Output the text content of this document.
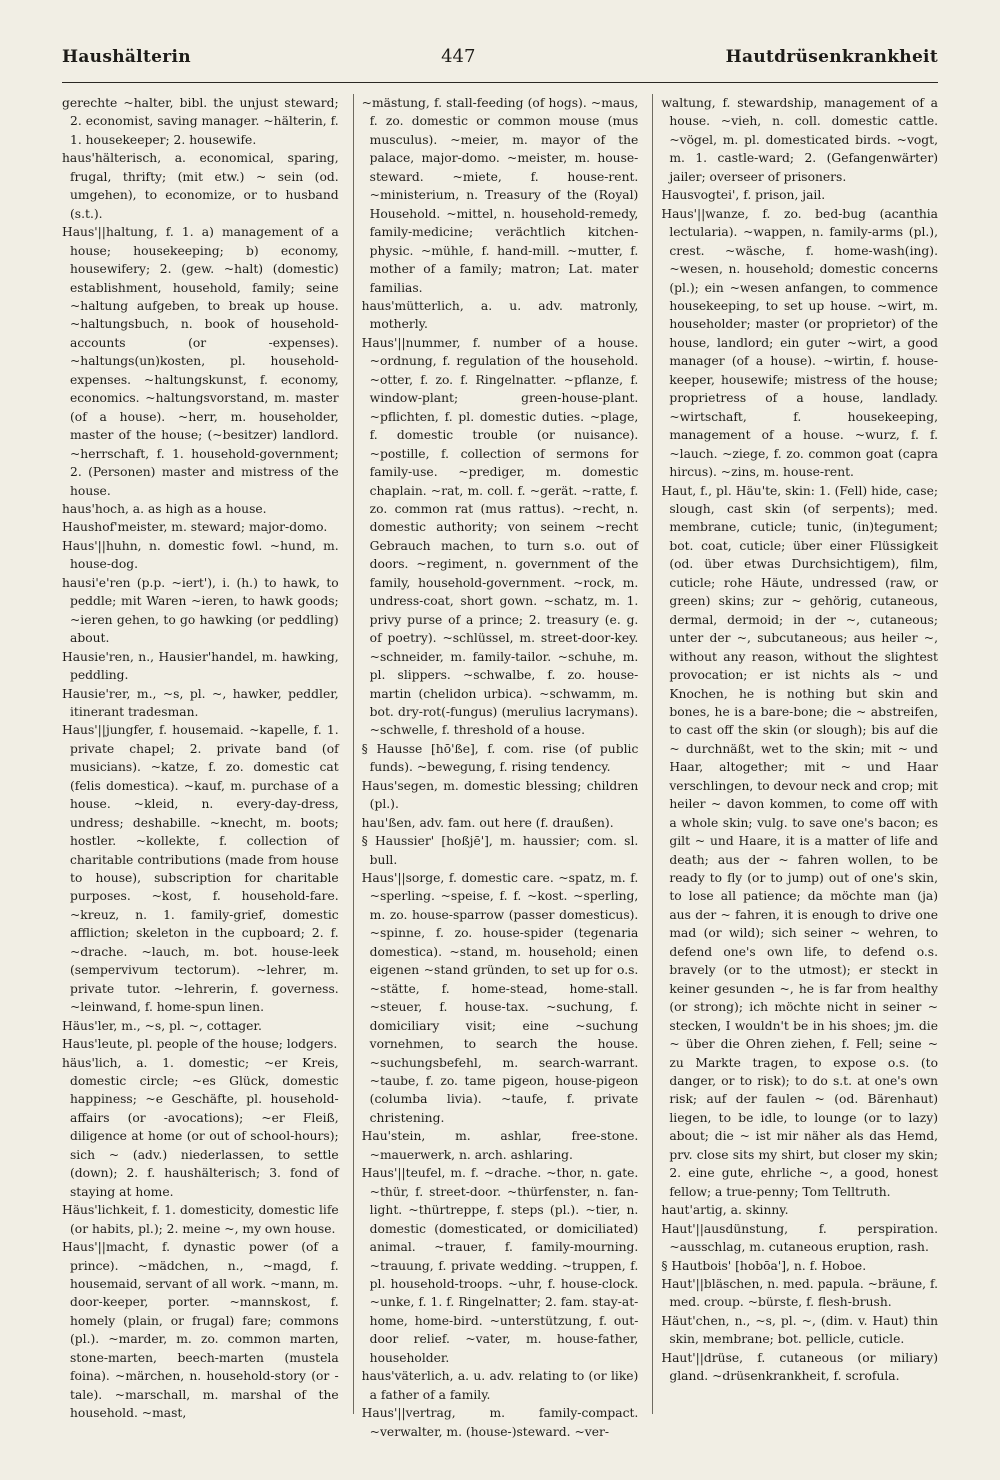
Haushälterin	447	Hautdrüsenkrankheit

gerechte ~halter, bibl. the unjust steward; 2. economist, saving manager. ~hälterin, f. 1. housekeeper; 2. housewife.

haus'hälterisch, a. economical, sparing, frugal, thrifty; (mit etw.) ~ sein (od. umgehen), to economize, or to husband (s.t.).

Haus'||haltung, f. 1. a) management of a house; housekeeping; b) economy, housewifery; 2. (gew. ~halt) (domestic) establishment, household, family; seine ~haltung aufgeben, to break up house. ~haltungsbuch, n. book of household-accounts (or -expenses). ~haltungs(un)kosten, pl. household-expenses. ~haltungskunst, f. economy, economics. ~haltungsvorstand, m. master (of a house). ~herr, m. householder, master of the house; (~besitzer) landlord. ~herrschaft, f. 1. household-government; 2. (Personen) master and mistress of the house.

haus'hoch, a. as high as a house.

Haushof'meister, m. steward; major-domo.

Haus'||huhn, n. domestic fowl. ~hund, m. house-dog.

hausi'e'ren (p.p. ~iert'), i. (h.) to hawk, to peddle; mit Waren ~ieren, to hawk goods; ~ieren gehen, to go hawking (or peddling) about.

Hausie'ren, n., Hausier'handel, m. hawking, peddling.

Hausie'rer, m., ~s, pl. ~, hawker, peddler, itinerant tradesman.

Haus'||jungfer, f. housemaid. ~kapelle, f. 1. private chapel; 2. private band (of musicians). ~katze, f. zo. domestic cat (felis domestica). ~kauf, m. purchase of a house. ~kleid, n. every-day-dress, undress; deshabille. ~knecht, m. boots; hostler. ~kollekte, f. collection of charitable contributions (made from house to house), subscription for charitable purposes. ~kost, f. household-fare. ~kreuz, n. 1. family-grief, domestic affliction; skeleton in the cupboard; 2. f. ~drache. ~lauch, m. bot. house-leek (sempervivum tectorum). ~lehrer, m. private tutor. ~lehrerin, f. governess. ~leinwand, f. home-spun linen.

Häus'ler, m., ~s, pl. ~, cottager.

Haus'leute, pl. people of the house; lodgers.

häus'lich, a. 1. domestic; ~er Kreis, domestic circle; ~es Glück, domestic happiness; ~e Geschäfte, pl. household-affairs (or -avocations); ~er Fleiß, diligence at home (or out of school-hours); sich ~ (adv.) niederlassen, to settle (down); 2. f. haushälterisch; 3. fond of staying at home.

Häus'lichkeit, f. 1. domesticity, domestic life (or habits, pl.); 2. meine ~, my own house.

Haus'||macht, f. dynastic power (of a prince). ~mädchen, n., ~magd, f. housemaid, servant of all work. ~mann, m. door-keeper, porter. ~mannskost, f. homely (plain, or frugal) fare; commons (pl.). ~marder, m. zo. common marten, stone-marten, beech-marten (mustela foina). ~märchen, n. household-story (or -tale). ~marschall, m. marshal of the household. ~mast,

~mästung, f. stall-feeding (of hogs). ~maus, f. zo. domestic or common mouse (mus musculus). ~meier, m. mayor of the palace, major-domo. ~meister, m. house-steward. ~miete, f. house-rent. ~ministerium, n. Treasury of the (Royal) Household. ~mittel, n. household-remedy, family-medicine; verächtlich kitchen-physic. ~mühle, f. hand-mill. ~mutter, f. mother of a family; matron; Lat. mater familias.

haus'mütterlich, a. u. adv. matronly, motherly.

Haus'||nummer, f. number of a house. ~ordnung, f. regulation of the household. ~otter, f. zo. f. Ringelnatter. ~pflanze, f. window-plant; green-house-plant. ~pflichten, f. pl. domestic duties. ~plage, f. domestic trouble (or nuisance). ~postille, f. collection of sermons for family-use. ~prediger, m. domestic chaplain. ~rat, m. coll. f. ~gerät. ~ratte, f. zo. common rat (mus rattus). ~recht, n. domestic authority; von seinem ~recht Gebrauch machen, to turn s.o. out of doors. ~regiment, n. government of the family, household-government. ~rock, m. undress-coat, short gown. ~schatz, m. 1. privy purse of a prince; 2. treasury (e. g. of poetry). ~schlüssel, m. street-door-key. ~schneider, m. family-tailor. ~schuhe, m. pl. slippers. ~schwalbe, f. zo. house-martin (chelidon urbica). ~schwamm, m. bot. dry-rot(-fungus) (merulius lacrymans). ~schwelle, f. threshold of a house.

§ Hausse [hō'ße], f. com. rise (of public funds). ~bewegung, f. rising tendency.

Haus'segen, m. domestic blessing; children (pl.).

hau'ßen, adv. fam. out here (f. draußen).

§ Haussier' [hoßjē'], m. haussier; com. sl. bull.

Haus'||sorge, f. domestic care. ~spatz, m. f. ~sperling. ~speise, f. f. ~kost. ~sperling, m. zo. house-sparrow (passer domesticus). ~spinne, f. zo. house-spider (tegenaria domestica). ~stand, m. household; einen eigenen ~stand gründen, to set up for o.s. ~stätte, f. home-stead, home-stall. ~steuer, f. house-tax. ~suchung, f. domiciliary visit; eine ~suchung vornehmen, to search the house. ~suchungsbefehl, m. search-warrant. ~taube, f. zo. tame pigeon, house-pigeon (columba livia). ~taufe, f. private christening.

Hau'stein, m. ashlar, free-stone. ~mauerwerk, n. arch. ashlaring.

Haus'||teufel, m. f. ~drache. ~thor, n. gate. ~thür, f. street-door. ~thürfenster, n. fan-light. ~thürtreppe, f. steps (pl.). ~tier, n. domestic (domesticated, or domiciliated) animal. ~trauer, f. family-mourning. ~trauung, f. private wedding. ~truppen, f. pl. household-troops. ~uhr, f. house-clock. ~unke, f. 1. f. Ringelnatter; 2. fam. stay-at-home, home-bird. ~unterstützung, f. out-door relief. ~vater, m. house-father, householder.

haus'väterlich, a. u. adv. relating to (or like) a father of a family.

Haus'||vertrag, m. family-compact. ~verwalter, m. (house-)steward. ~ver-

waltung, f. stewardship, management of a house. ~vieh, n. coll. domestic cattle. ~vögel, m. pl. domesticated birds. ~vogt, m. 1. castle-ward; 2. (Gefangenwärter) jailer; overseer of prisoners.

Hausvogtei', f. prison, jail.

Haus'||wanze, f. zo. bed-bug (acanthia lectularia). ~wappen, n. family-arms (pl.), crest. ~wäsche, f. home-wash(ing). ~wesen, n. household; domestic concerns (pl.); ein ~wesen anfangen, to commence housekeeping, to set up house. ~wirt, m. householder; master (or proprietor) of the house, landlord; ein guter ~wirt, a good manager (of a house). ~wirtin, f. house-keeper, housewife; mistress of the house; proprietress of a house, landlady. ~wirtschaft, f. housekeeping, management of a house. ~wurz, f. f. ~lauch. ~ziege, f. zo. common goat (capra hircus). ~zins, m. house-rent.

Haut, f., pl. Häu'te, skin: 1. (Fell) hide, case; slough, cast skin (of serpents); med. membrane, cuticle; tunic, (in)tegument; bot. coat, cuticle; über einer Flüssigkeit (od. über etwas Durchsichtigem), film, cuticle; rohe Häute, undressed (raw, or green) skins; zur ~ gehörig, cutaneous, dermal, dermoid; in der ~, cutaneous; unter der ~, subcutaneous; aus heiler ~, without any reason, without the slightest provocation; er ist nichts als ~ und Knochen, he is nothing but skin and bones, he is a bare-bone; die ~ abstreifen, to cast off the skin (or slough); bis auf die ~ durchnäßt, wet to the skin; mit ~ und Haar, altogether; mit ~ und Haar verschlingen, to devour neck and crop; mit heiler ~ davon kommen, to come off with a whole skin; vulg. to save one's bacon; es gilt ~ und Haare, it is a matter of life and death; aus der ~ fahren wollen, to be ready to fly (or to jump) out of one's skin, to lose all patience; da möchte man (ja) aus der ~ fahren, it is enough to drive one mad (or wild); sich seiner ~ wehren, to defend one's own life, to defend o.s. bravely (or to the utmost); er steckt in keiner gesunden ~, he is far from healthy (or strong); ich möchte nicht in seiner ~ stecken, I wouldn't be in his shoes; jm. die ~ über die Ohren ziehen, f. Fell; seine ~ zu Markte tragen, to expose o.s. (to danger, or to risk); to do s.t. at one's own risk; auf der faulen ~ (od. Bärenhaut) liegen, to be idle, to lounge (or to lazy) about; die ~ ist mir näher als das Hemd, prv. close sits my shirt, but closer my skin; 2. eine gute, ehrliche ~, a good, honest fellow; a true-penny; Tom Telltruth.

haut'artig, a. skinny.

Haut'||ausdünstung, f. perspiration. ~ausschlag, m. cutaneous eruption, rash.

§ Hautbois' [hobōa'], n. f. Hoboe.

Haut'||bläschen, n. med. papula. ~bräune, f. med. croup. ~bürste, f. flesh-brush.

Häut'chen, n., ~s, pl. ~, (dim. v. Haut) thin skin, membrane; bot. pellicle, cuticle.

Haut'||drüse, f. cutaneous (or miliary) gland. ~drüsenkrankheit, f. scrofula.
